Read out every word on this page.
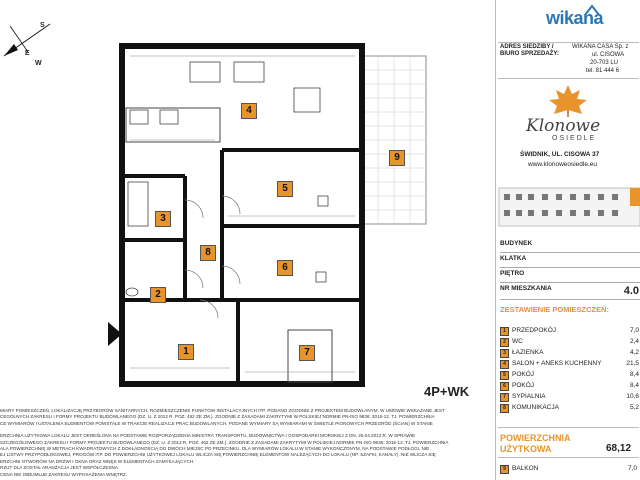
S
E
W
4
5
6
3
8
2
1	7
9
4P+WK
MIARY POMIESZCZEŃ, LOKALIZACJĘ PRZYBORÓW SANITARNYCH, ROZMIESZCZENIE PUNKTÓW INSTALACYJNYCH ITP. PODANO ZGODNIE Z PROJEKTEM BUDOWLANYM. W UMOWIE WSKAZANE JEST
CEGÓLNYCH ZAKRESU I FORMY PROJEKTU BUDOWLANEGO (DZ. U. Z 2012 R. POZ. 462 ZE ZM.). ZGODNIE Z ZASADAMI ZAKRYTYMI W POLSKIEJ NORMIE PN-ISO 9836: 2015-12. TJ. POWIERZCHNIA
CE WYMIARÓW I USTALENIA ELEMENTÓW POWSTAŁE W TRAKCIE REALIZACJI PRAC BUDOWLANYCH. PODANE WYMIARY SĄ WYMIARAMI W ŚWIETLE PIONOWYCH PRZEGRÓD (ŚCIAN) W STANIE
ERZCHNIA UŻYTKOWA LOKALU JEST OKREŚLONA NA PODSTAWIE ROZPORZĄDZENIA MINISTRA TRANSPORTU, BUDOWNICTWA I GOSPODARKI MORSKIEJ Z DN. 25.04.2012 R. W SPRAWIE
SZCZEGÓŁOWEGO ZAKRESU I FORMY PROJEKTU BUDOWLANEGO (DZ. U. Z 2012 R. POZ. 462 ZE ZM.). ZGODNIE Z ZASADAMI ZAKRYTYMI W POLSKIEJ NORMIE PN-ISO 9836: 2015-12. TJ. POWIERZCHNIA
ALA POWIERZCHNIĘ W METRACH KWADRATOWYCH Z DOKŁADNOŚCIĄ DO DWÓCH MIEJSC PO PRZECINKU. DLA WYMIARÓW LOKALU W STANIE WYKOŃCZONYM, NA PODSTAWIE PODŁOGI, NIE
EJ LISTWY PRZYPODŁOGOWEJ, PROGÓW ITP. DO POWIERZCHNI UŻYTKOWEJ LOKALU WLICZA SIĘ POWIERZCHNIĘ ELEMENTÓW NALEŻĄCYCH DO LOKALU (NP. SZAFKI, KANAŁY). NIE WLICZA SIĘ
ERZCHNI OTWORÓW NA DRZWI I OKNA ORAZ WNĘK W ELEMENTACH ZAMYKAJĄCYCH.
RZUT DLA ZOSTAŁ ARANŻACJA JEST WSPÓŁCZESNA.
CENA NIE OBEJMUJE ZAKRESU WYPOSAŻENIA WNĘTRZ.
wikana
ADRES SIEDZIBY /
BIURO SPRZEDAŻY:
WIKANA CASA Sp. z
ul. CISOWA
20-703 LU
tel. 81 444 6
Klonowe
OSIEDLE
ŚWIDNIK, UL. CISOWA 37
www.klonoweosiedle.eu
BUDYNEK
KLATKA
PIĘTRO
NR MIESZKANIA	4.0
ZESTAWIENIE POMIESZCZEŃ:
1 PRZEDPOKÓJ	7,0
2 WC	2,4
3 ŁAZIENKA	4,2
4 SALON + ANEKS KUCHENNY	21,5
5 POKÓJ	8,4
6 POKÓJ	8,4
7 SYPIALNIA	10,6
8 KOMUNIKACJA	5,2
POWIERZCHNIA
UŻYTKOWA	68,12
9 BALKON	7,0
